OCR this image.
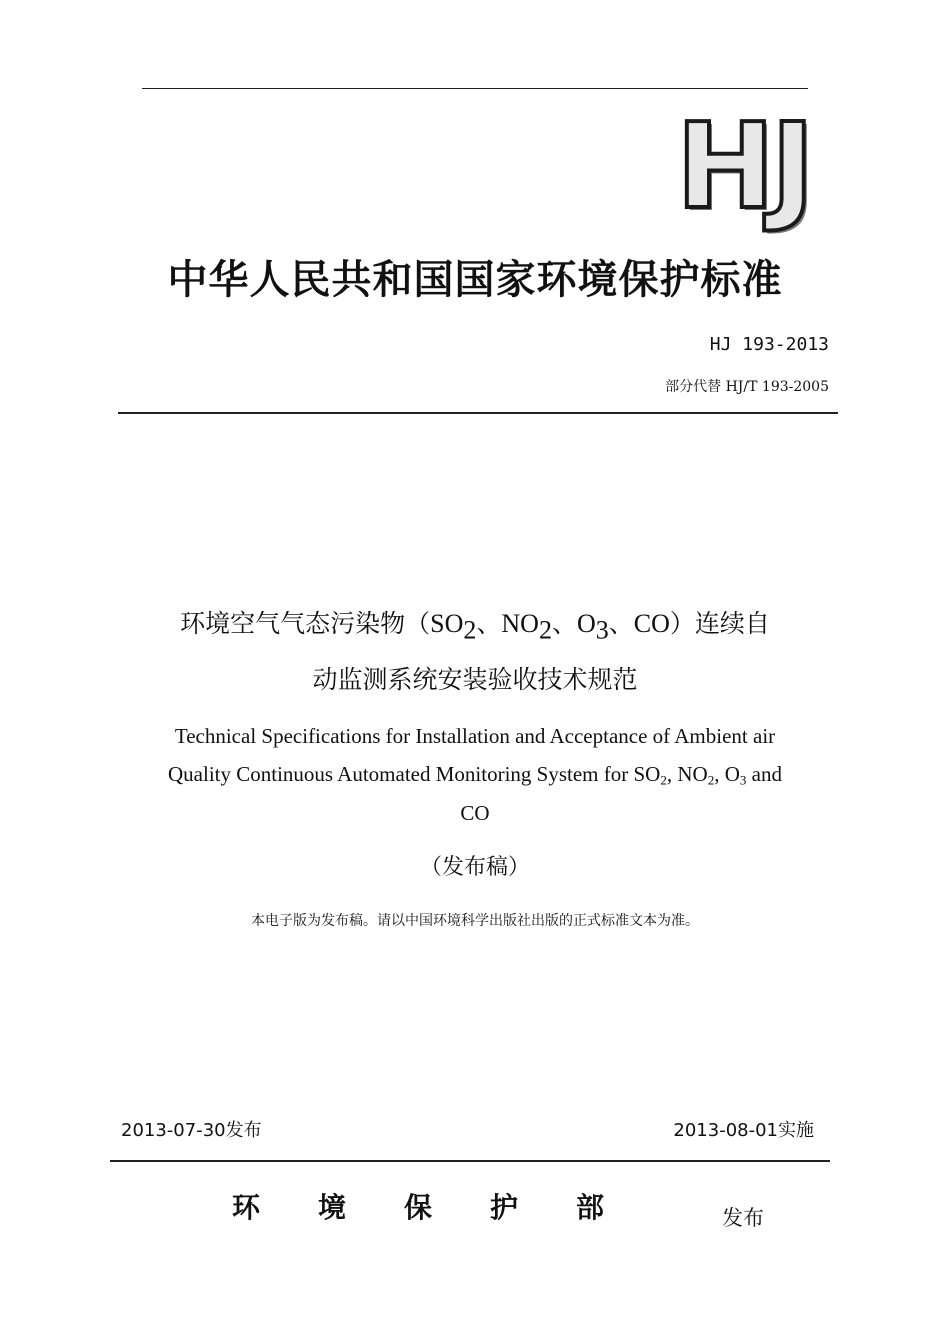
HJ
中华人民共和国国家环境保护标准
HJ 193-2013
部分代替 HJ/T 193-2005
环境空气气态污染物（$SO_2$、$NO_2$、$O_3$、CO）连续自
动监测系统安装验收技术规范
Technical Specifications for Installation and Acceptance of Ambient air
Quality Continuous Automated Monitoring System for $SO_2$, $NO_2$, $O_3$ and
CO
（发布稿）
本电子版为发布稿。请以中国环境科学出版社出版的正式标准文本为准。
2013-07-30发布	2013-08-01实施
环境保护部	发布
